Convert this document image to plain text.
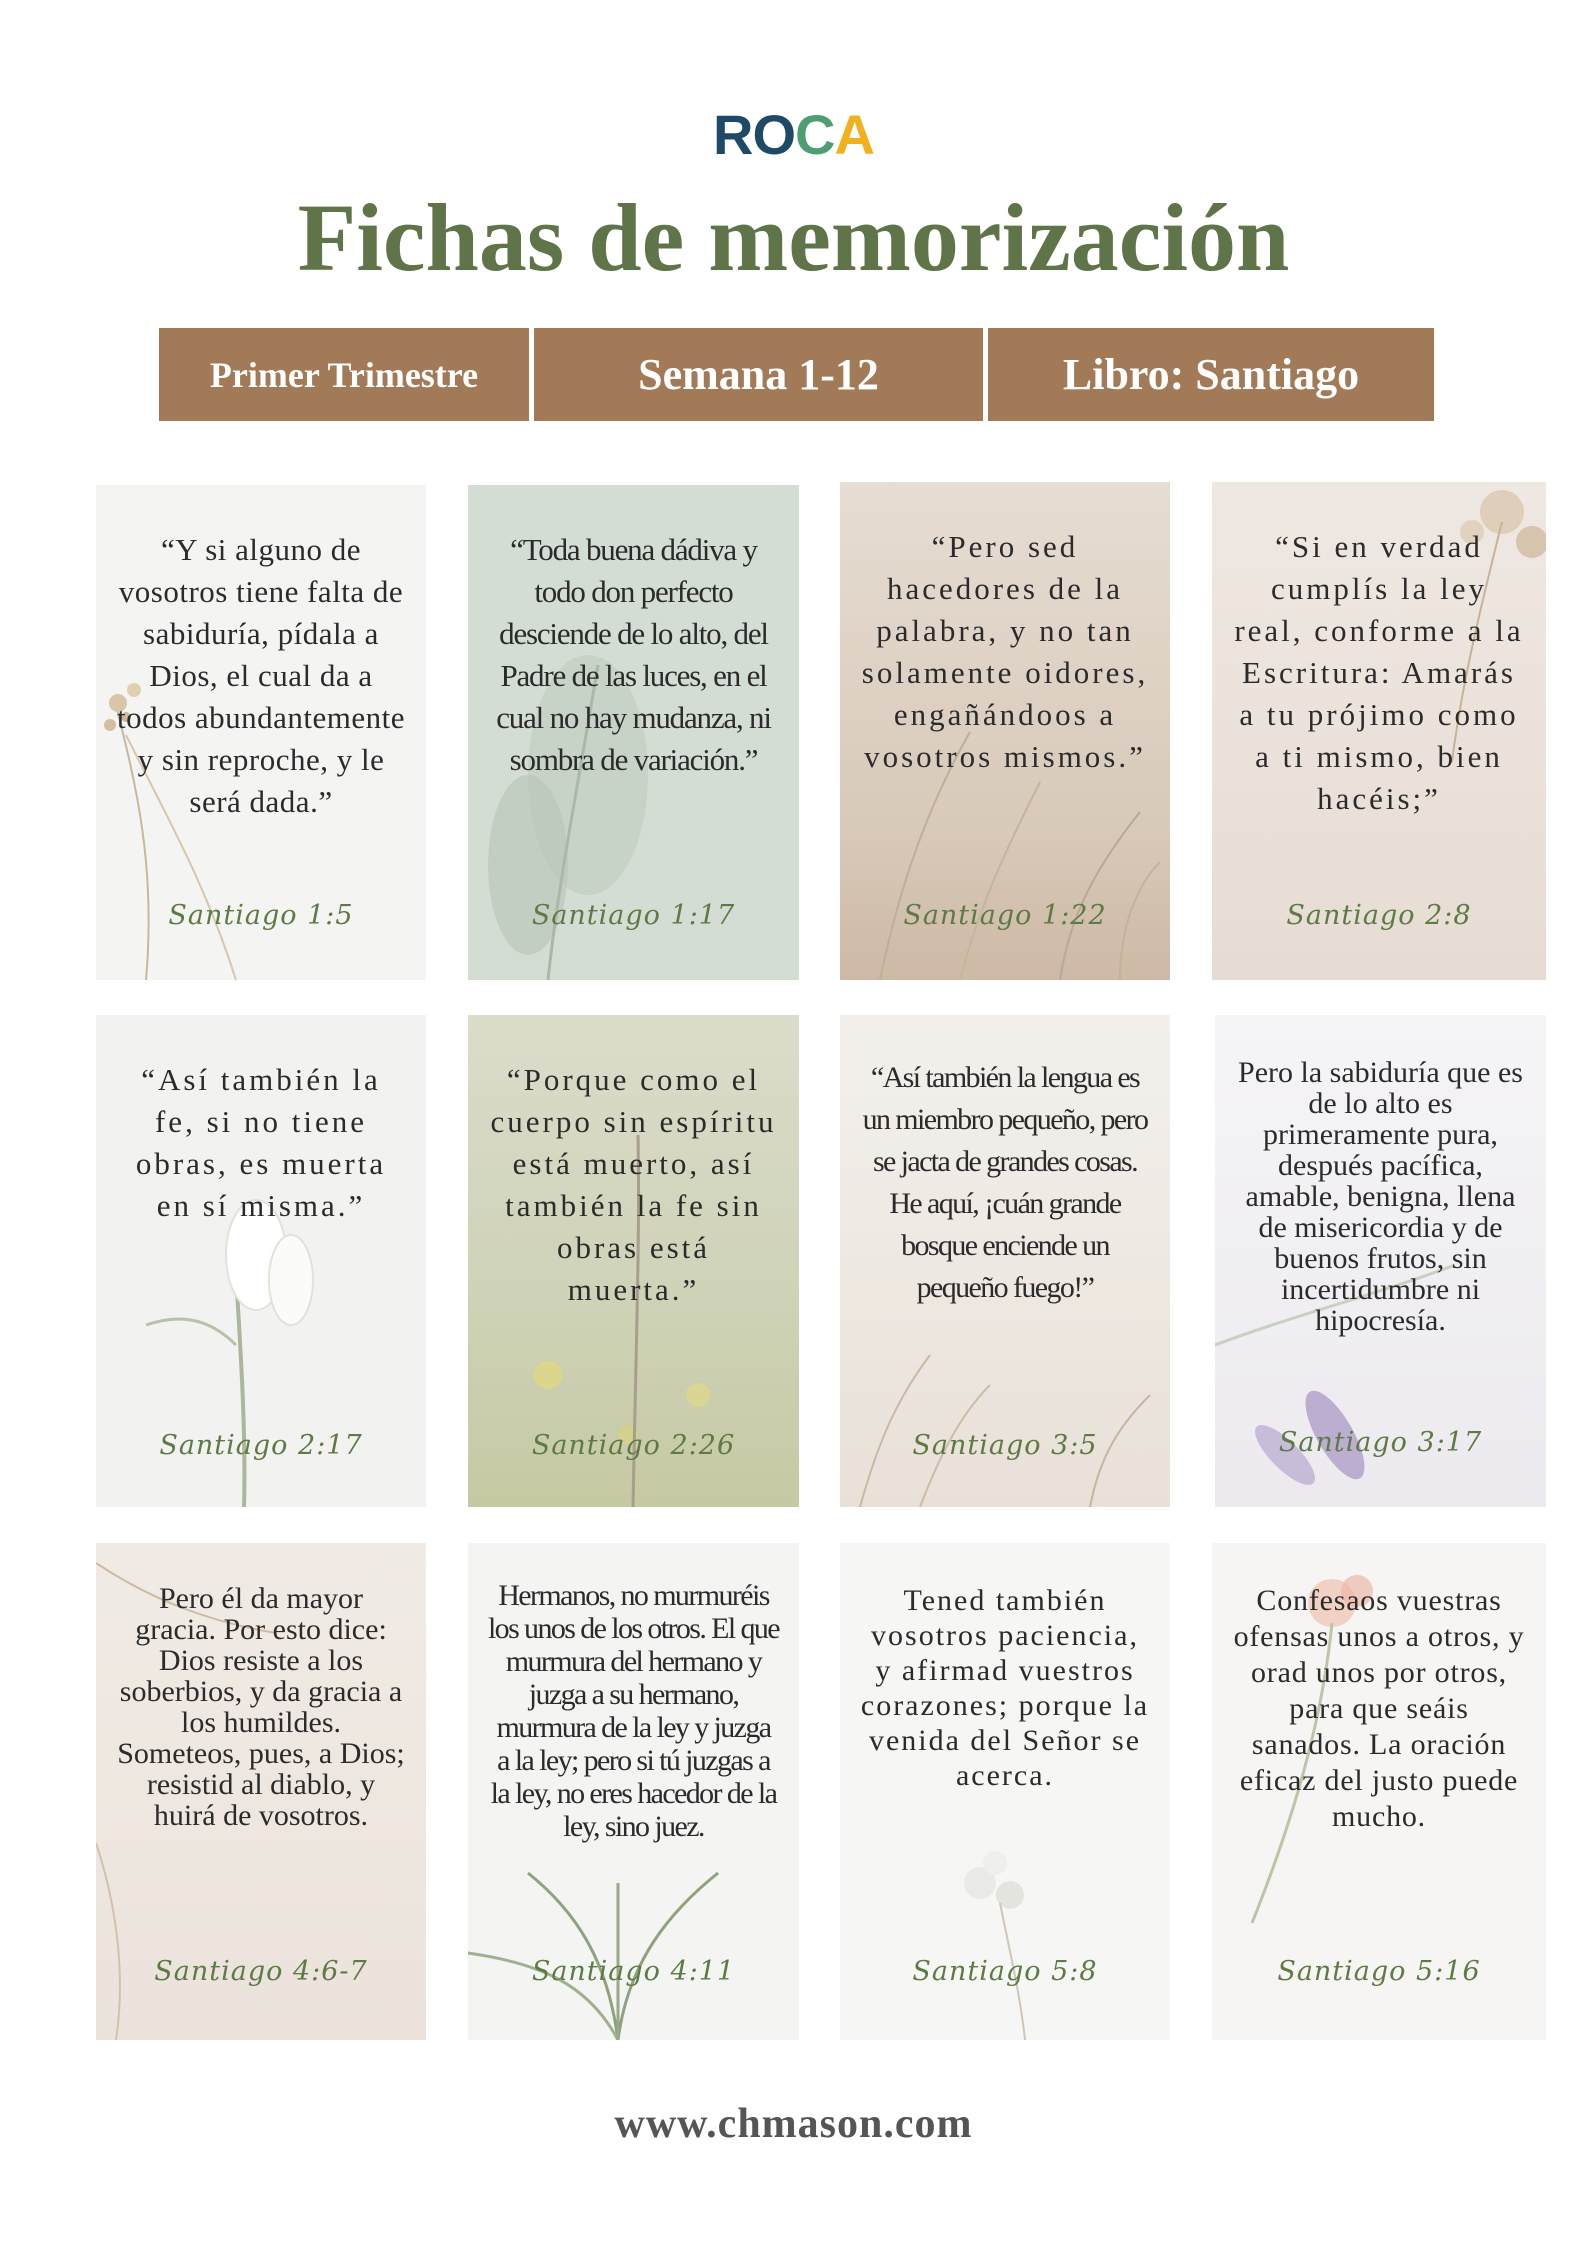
ROCA
Fichas de memorización
Primer Trimestre	Semana 1-12	Libro: Santiago
“Y si alguno de vosotros tiene falta de sabiduría, pídala a Dios, el cual da a todos abundantemente y sin reproche, y le será dada.”
Santiago 1:5
“Toda buena dádiva y todo don perfecto desciende de lo alto, del Padre de las luces, en el cual no hay mudanza, ni sombra de variación.”
Santiago 1:17
“Pero sed hacedores de la palabra, y no tan solamente oidores, engañándoos a vosotros mismos.”
Santiago 1:22
“Si en verdad cumplís la ley real, conforme a la Escritura: Amarás a tu prójimo como a ti mismo, bien hacéis;”
Santiago 2:8
“Así también la fe, si no tiene obras, es muerta en sí misma.”
Santiago 2:17
“Porque como el cuerpo sin espíritu está muerto, así también la fe sin obras está muerta.”
Santiago 2:26
“Así también la lengua es un miembro pequeño, pero se jacta de grandes cosas. He aquí, ¡cuán grande bosque enciende un pequeño fuego!”
Santiago 3:5
Pero la sabiduría que es de lo alto es primeramente pura, después pacífica, amable, benigna, llena de misericordia y de buenos frutos, sin incertidumbre ni hipocresía.
Santiago 3:17
Pero él da mayor gracia. Por esto dice: Dios resiste a los soberbios, y da gracia a los humildes. Someteos, pues, a Dios; resistid al diablo, y huirá de vosotros.
Santiago 4:6-7
Hermanos, no murmuréis los unos de los otros. El que murmura del hermano y juzga a su hermano, murmura de la ley y juzga a la ley; pero si tú juzgas a la ley, no eres hacedor de la ley, sino juez.
Santiago 4:11
Tened también vosotros paciencia, y afirmad vuestros corazones; porque la venida del Señor se acerca.
Santiago 5:8
Confesaos vuestras ofensas unos a otros, y orad unos por otros, para que seáis sanados. La oración eficaz del justo puede mucho.
Santiago 5:16
www.chmason.com
